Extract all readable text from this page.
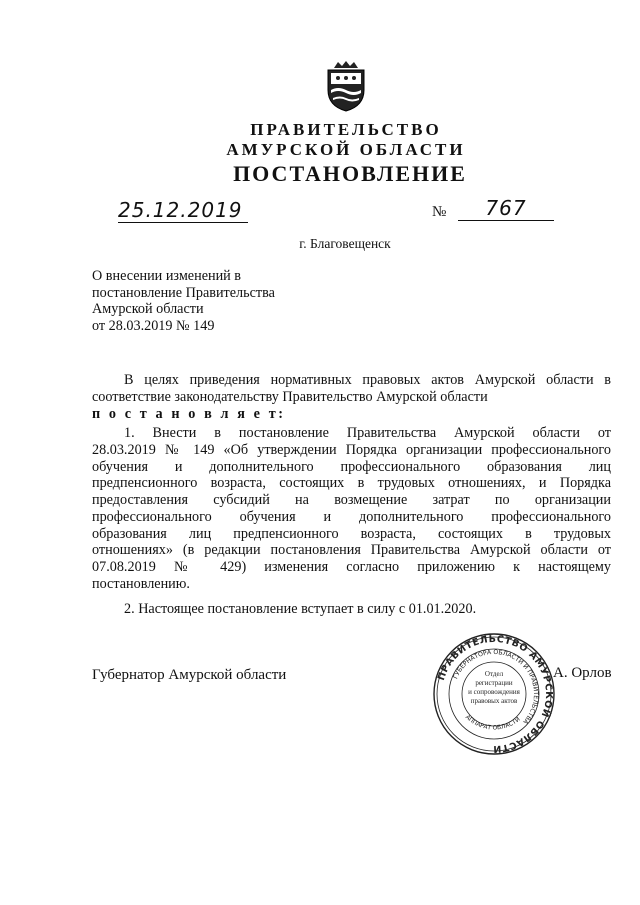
ПРАВИТЕЛЬСТВО
АМУРСКОЙ ОБЛАСТИ
ПОСТАНОВЛЕНИЕ
25.12.2019	№	767
г. Благовещенск
О внесении изменений в
постановление Правительства
Амурской области
от 28.03.2019 № 149
В целях приведения нормативных правовых актов Амурской области в
соответствие законодательству Правительство Амурской области
п о с т а н о в л я е т:
1. Внести в постановление Правительства Амурской области от
28.03.2019 № 149 «Об утверждении Порядка организации профессионального
обучения и дополнительного профессионального образования лиц
предпенсионного возраста, состоящих в трудовых отношениях, и Порядка
предоставления субсидий на возмещение затрат по организации
профессионального обучения и дополнительного профессионального
образования лиц предпенсионного возраста, состоящих в трудовых
отношениях» (в редакции постановления Правительства Амурской области от
07.08.2019 № 429) изменения согласно приложению к настоящему
постановлению.
2. Настоящее постановление вступает в силу с 01.01.2020.
Губернатор Амурской области	А. Орлов
ПРАВИТЕЛЬСТВО АМУРСКОЙ ОБЛАСТИ
ГУБЕРНАТОРА ОБЛАСТИ И ПРАВИТЕЛЬСТВА
АППАРАТ ОБЛАСТИ
Отдел
регистрации
и сопровождения
правовых актов
